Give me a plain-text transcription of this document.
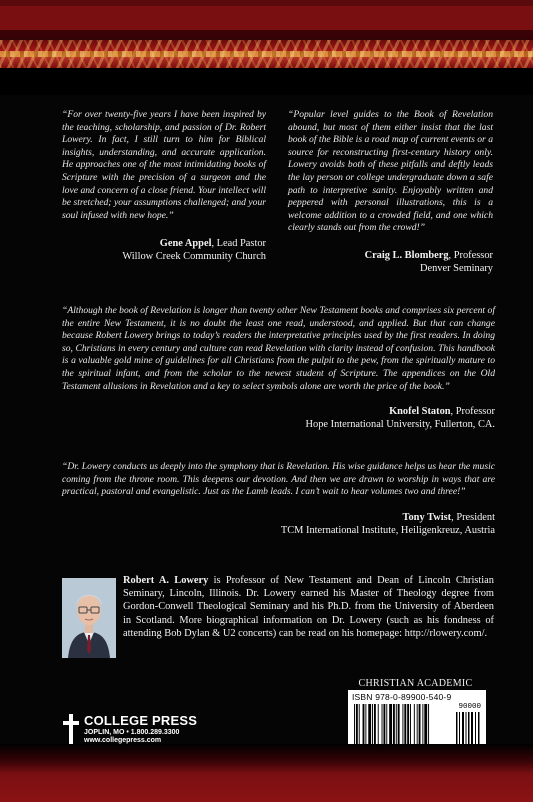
“For over twenty-five years I have been inspired by the teaching, scholarship, and passion of Dr. Robert Lowery. In fact, I still turn to him for Biblical insights, understanding, and accurate application. He approaches one of the most intimidating books of Scripture with the precision of a surgeon and the love and concern of a close friend. Your intellect will be stretched; your assumptions challenged; and your soul infused with new hope.”

Gene Appel, Lead Pastor
Willow Creek Community Church

“Popular level guides to the Book of Revelation abound, but most of them either insist that the last book of the Bible is a road map of current events or a source for reconstructing first-century history only. Lowery avoids both of these pitfalls and deftly leads the lay person or college undergraduate down a safe path to interpretive sanity. Enjoyably written and peppered with personal illustrations, this is a welcome addition to a crowded field, and one which clearly stands out from the crowd!”

Craig L. Blomberg, Professor
Denver Seminary

“Although the book of Revelation is longer than twenty other New Testament books and comprises six percent of the entire New Testament, it is no doubt the least one read, understood, and applied. But that can change because Robert Lowery brings to today’s readers the interpretative principles used by the first readers. In doing so, Christians in every century and culture can read Revelation with clarity instead of confusion. This handbook is a valuable gold mine of guidelines for all Christians from the pulpit to the pew, from the spiritually mature to the spiritual infant, and from the scholar to the newest student of Scripture. The appendices on the Old Testament allusions in Revelation and a key to select symbols alone are worth the price of the book.”

Knofel Staton, Professor
Hope International University, Fullerton, CA.

“Dr. Lowery conducts us deeply into the symphony that is Revelation. His wise guidance helps us hear the music coming from the throne room. This deepens our devotion. And then we are drawn to worship in ways that are practical, pastoral and evangelistic. Just as the Lamb leads. I can’t wait to hear volumes two and three!”

Tony Twist, President
TCM International Institute, Heiligenkreuz, Austria

Robert A. Lowery is Professor of New Testament and Dean of Lincoln Christian Seminary, Lincoln, Illinois. Dr. Lowery earned his Master of Theology degree from Gordon-Conwell Theological Seminary and his Ph.D. from the University of Aberdeen in Scotland. More biographical information on Dr. Lowery (such as his fondness of attending Bob Dylan & U2 concerts) can be read on his homepage: http://rlowery.com/.

CHRISTIAN ACADEMIC
ISBN 978-0-89900-540-9
90000
COLLEGE PRESS
JOPLIN, MO • 1.800.289.3300
www.collegepress.com
